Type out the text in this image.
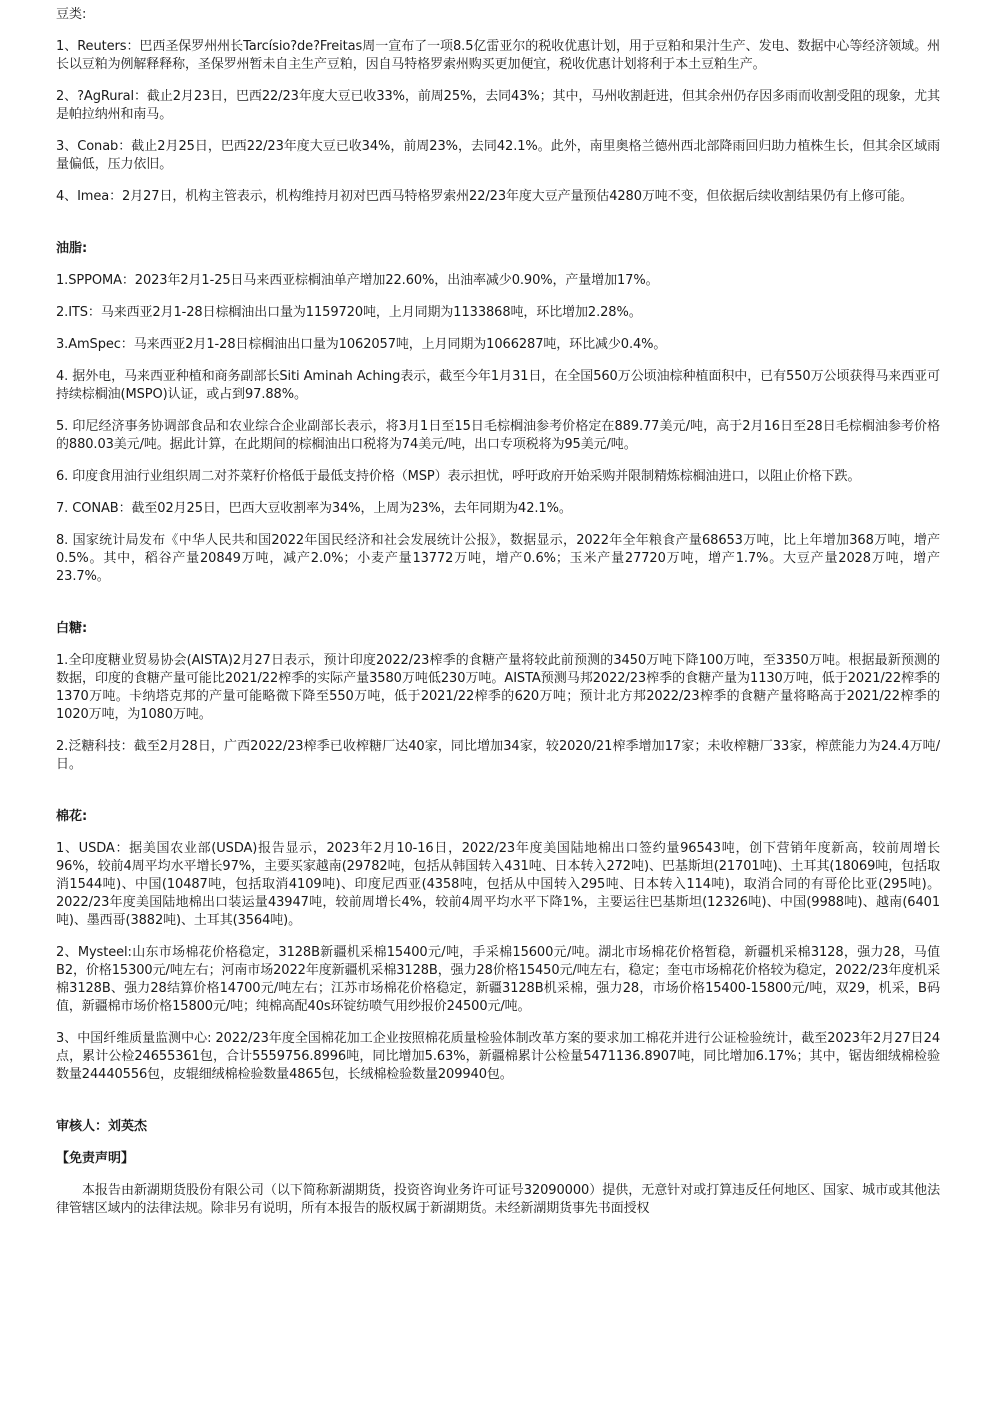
豆类:

1、Reuters：巴西圣保罗州州长Tarcísio?de?Freitas周一宣布了一项8.5亿雷亚尔的税收优惠计划，用于豆粕和果汁生产、发电、数据中心等经济领域。州长以豆粕为例解释释称，圣保罗州暂未自主生产豆粕，因自马特格罗索州购买更加便宜，税收优惠计划将利于本土豆粕生产。

2、?AgRural：截止2月23日，巴西22/23年度大豆已收33%，前周25%，去同43%；其中，马州收割赶进，但其余州仍存因多雨而收割受阻的现象，尤其是帕拉纳州和南马。

3、Conab：截止2月25日，巴西22/23年度大豆已收34%，前周23%，去同42.1%。此外，南里奥格兰德州西北部降雨回归助力植株生长，但其余区域雨量偏低，压力依旧。

4、Imea：2月27日，机构主管表示，机构维持月初对巴西马特格罗索州22/23年度大豆产量预估4280万吨不变，但依据后续收割结果仍有上修可能。

油脂:

1.SPPOMA：2023年2月1-25日马来西亚棕榈油单产增加22.60%，出油率减少0.90%，产量增加17%。

2.ITS：马来西亚2月1-28日棕榈油出口量为1159720吨，上月同期为1133868吨，环比增加2.28%。

3.AmSpec：马来西亚2月1-28日棕榈油出口量为1062057吨，上月同期为1066287吨，环比减少0.4%。

4. 据外电，马来西亚种植和商务副部长Siti Aminah Aching表示，截至今年1月31日，在全国560万公顷油棕种植面积中，已有550万公顷获得马来西亚可持续棕榈油(MSPO)认证，或占到97.88%。

5. 印尼经济事务协调部食品和农业综合企业副部长表示，将3月1日至15日毛棕榈油参考价格定在889.77美元/吨，高于2月16日至28日毛棕榈油参考价格的880.03美元/吨。据此计算，在此期间的棕榈油出口税将为74美元/吨，出口专项税将为95美元/吨。

6. 印度食用油行业组织周二对芥菜籽价格低于最低支持价格（MSP）表示担忧，呼吁政府开始采购并限制精炼棕榈油进口，以阻止价格下跌。

7. CONAB：截至02月25日，巴西大豆收割率为34%，上周为23%，去年同期为42.1%。

8. 国家统计局发布《中华人民共和国2022年国民经济和社会发展统计公报》，数据显示，2022年全年粮食产量68653万吨，比上年增加368万吨，增产0.5%。其中，稻谷产量20849万吨，减产2.0%；小麦产量13772万吨，增产0.6%；玉米产量27720万吨，增产1.7%。大豆产量2028万吨，增产23.7%。

白糖:

1.全印度糖业贸易协会(AISTA)2月27日表示，预计印度2022/23榨季的食糖产量将较此前预测的3450万吨下降100万吨，至3350万吨。根据最新预测的数据，印度的食糖产量可能比2021/22榨季的实际产量3580万吨低230万吨。AISTA预测马邦2022/23榨季的食糖产量为1130万吨，低于2021/22榨季的1370万吨。卡纳塔克邦的产量可能略微下降至550万吨，低于2021/22榨季的620万吨；预计北方邦2022/23榨季的食糖产量将略高于2021/22榨季的1020万吨，为1080万吨。

2.泛糖科技：截至2月28日，广西2022/23榨季已收榨糖厂达40家，同比增加34家，较2020/21榨季增加17家；未收榨糖厂33家，榨蔗能力为24.4万吨/日。

棉花:

1、USDA：据美国农业部(USDA)报告显示，2023年2月10-16日，2022/23年度美国陆地棉出口签约量96543吨，创下营销年度新高，较前周增长96%，较前4周平均水平增长97%，主要买家越南(29782吨，包括从韩国转入431吨、日本转入272吨)、巴基斯坦(21701吨)、土耳其(18069吨，包括取消1544吨)、中国(10487吨，包括取消4109吨)、印度尼西亚(4358吨，包括从中国转入295吨、日本转入114吨)，取消合同的有哥伦比亚(295吨)。2022/23年度美国陆地棉出口装运量43947吨，较前周增长4%，较前4周平均水平下降1%，主要运往巴基斯坦(12326吨)、中国(9988吨)、越南(6401吨)、墨西哥(3882吨)、土耳其(3564吨)。

2、Mysteel:山东市场棉花价格稳定，3128B新疆机采棉15400元/吨，手采棉15600元/吨。湖北市场棉花价格暂稳，新疆机采棉3128，强力28，马值B2，价格15300元/吨左右；河南市场2022年度新疆机采棉3128B，强力28价格15450元/吨左右，稳定；奎屯市场棉花价格较为稳定，2022/23年度机采棉3128B、强力28结算价格14700元/吨左右；江苏市场棉花价格稳定，新疆3128B机采棉，强力28，市场价格15400-15800元/吨，双29，机采，B码值，新疆棉市场价格15800元/吨；纯棉高配40s环锭纺喷气用纱报价24500元/吨。

3、中国纤维质量监测中心: 2022/23年度全国棉花加工企业按照棉花质量检验体制改革方案的要求加工棉花并进行公证检验统计，截至2023年2月27日24点，累计公检24655361包，合计5559756.8996吨，同比增加5.63%，新疆棉累计公检量5471136.8907吨，同比增加6.17%；其中，锯齿细绒棉检验数量24440556包，皮辊细绒棉检验数量4865包，长绒棉检验数量209940包。

审核人：刘英杰

【免责声明】

本报告由新湖期货股份有限公司（以下简称新湖期货，投资咨询业务许可证号32090000）提供，无意针对或打算违反任何地区、国家、城市或其他法律管辖区域内的法律法规。除非另有说明，所有本报告的版权属于新湖期货。未经新湖期货事先书面授权
